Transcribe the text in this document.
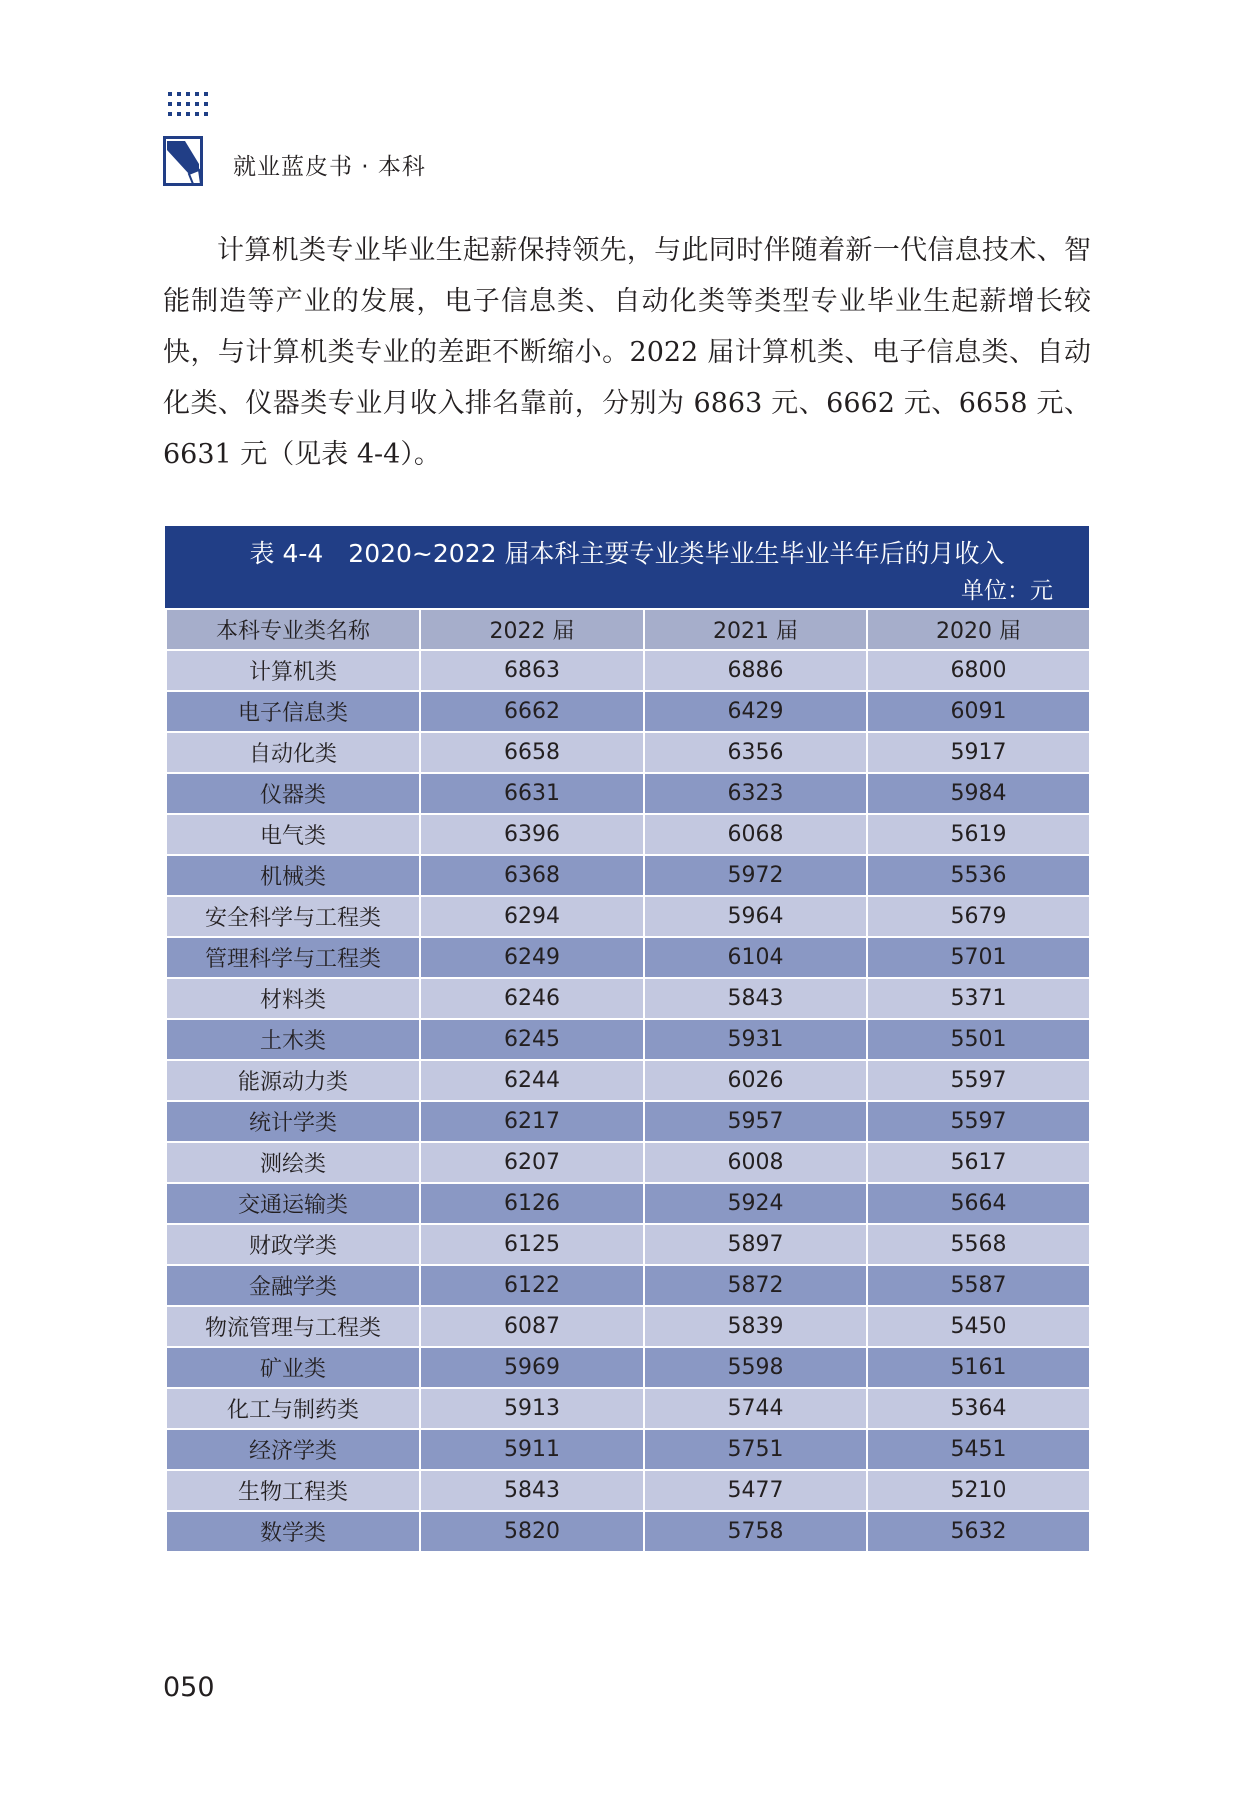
就业蓝皮书 · 本科

计算机类专业毕业生起薪保持领先，与此同时伴随着新一代信息技术、智能制造等产业的发展，电子信息类、自动化类等类型专业毕业生起薪增长较快，与计算机类专业的差距不断缩小。2022 届计算机类、电子信息类、自动化类、仪器类专业月收入排名靠前，分别为 6863 元、6662 元、6658 元、6631 元（见表 4-4）。

表 4-4　2020~2022 届本科主要专业类毕业生毕业半年后的月收入
单位：元
本科专业类名称	2022 届	2021 届	2020 届
计算机类	6863	6886	6800
电子信息类	6662	6429	6091
自动化类	6658	6356	5917
仪器类	6631	6323	5984
电气类	6396	6068	5619
机械类	6368	5972	5536
安全科学与工程类	6294	5964	5679
管理科学与工程类	6249	6104	5701
材料类	6246	5843	5371
土木类	6245	5931	5501
能源动力类	6244	6026	5597
统计学类	6217	5957	5597
测绘类	6207	6008	5617
交通运输类	6126	5924	5664
财政学类	6125	5897	5568
金融学类	6122	5872	5587
物流管理与工程类	6087	5839	5450
矿业类	5969	5598	5161
化工与制药类	5913	5744	5364
经济学类	5911	5751	5451
生物工程类	5843	5477	5210
数学类	5820	5758	5632
050
